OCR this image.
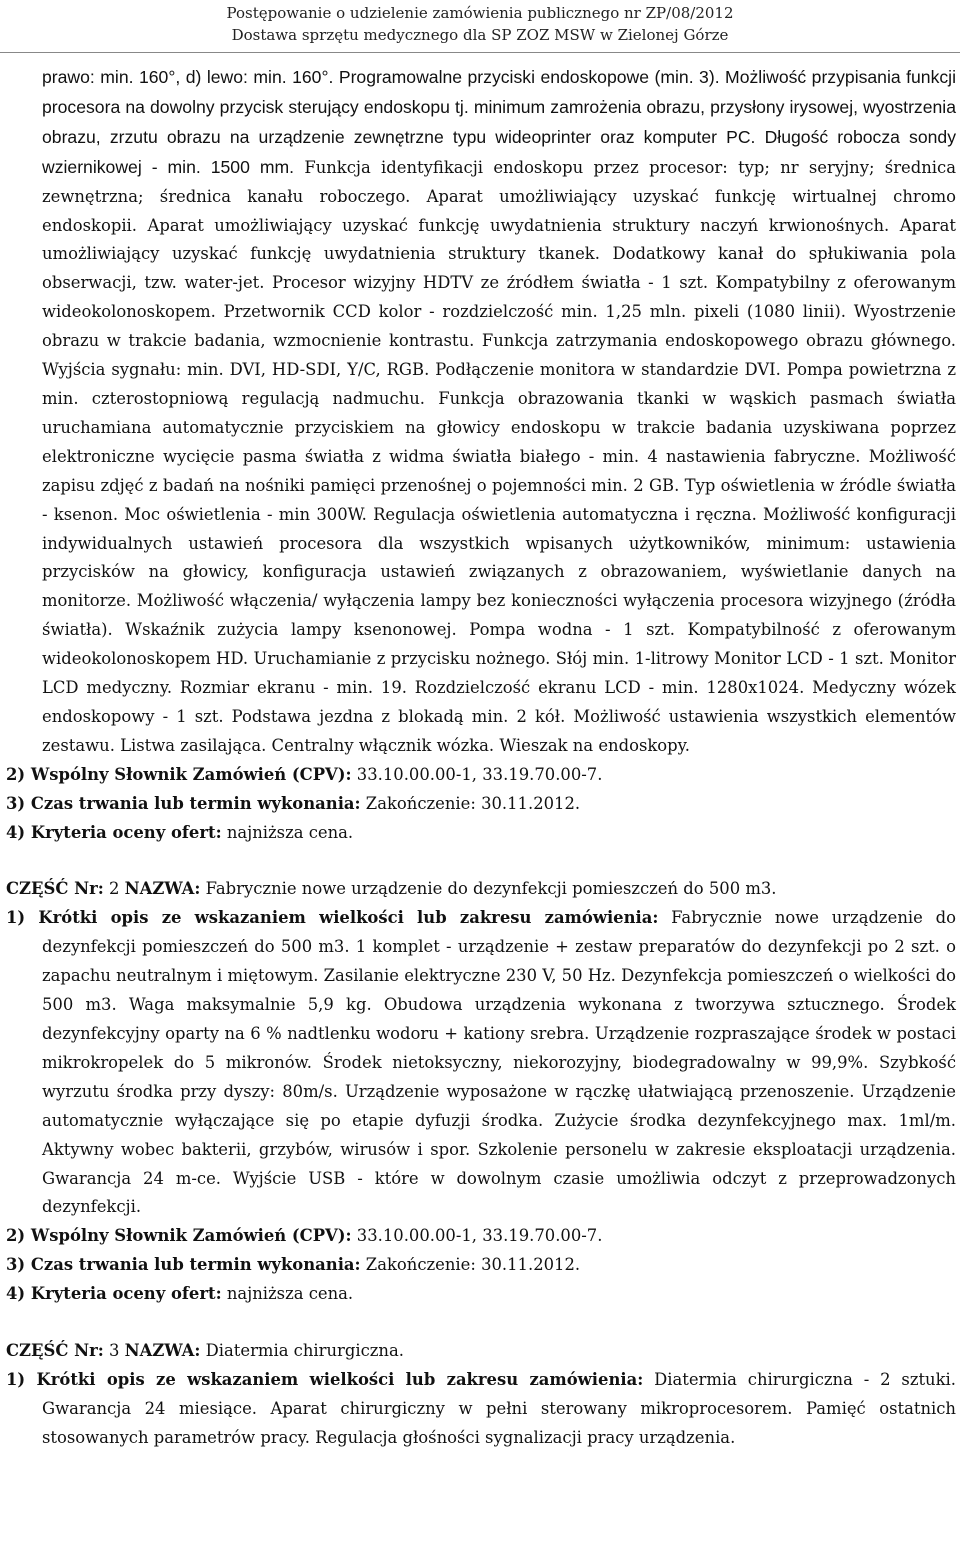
Postępowanie o udzielenie zamówienia publicznego nr ZP/08/2012
Dostawa sprzętu medycznego dla SP ZOZ MSW w Zielonej Górze

prawo: min. 160°, d) lewo: min. 160°. Programowalne przyciski endoskopowe (min. 3). Możliwość przypisania funkcji procesora na dowolny przycisk sterujący endoskopu tj. minimum zamrożenia obrazu, przysłony irysowej, wyostrzenia obrazu, zrzutu obrazu na urządzenie zewnętrzne typu wideoprinter oraz komputer PC. Długość robocza sondy wziernikowej - min. 1500 mm. Funkcja identyfikacji endoskopu przez procesor: typ; nr seryjny; średnica zewnętrzna; średnica kanału roboczego. Aparat umożliwiający uzyskać funkcję wirtualnej chromo endoskopii. Aparat umożliwiający uzyskać funkcję uwydatnienia struktury naczyń krwionośnych. Aparat umożliwiający uzyskać funkcję uwydatnienia struktury tkanek. Dodatkowy kanał do spłukiwania pola obserwacji, tzw. water-jet. Procesor wizyjny HDTV ze źródłem światła - 1 szt. Kompatybilny z oferowanym wideokolonoskopem. Przetwornik CCD kolor - rozdzielczość min. 1,25 mln. pixeli (1080 linii). Wyostrzenie obrazu w trakcie badania, wzmocnienie kontrastu. Funkcja zatrzymania endoskopowego obrazu głównego. Wyjścia sygnału: min. DVI, HD-SDI, Y/C, RGB. Podłączenie monitora w standardzie DVI. Pompa powietrzna z min. czterostopniową regulacją nadmuchu. Funkcja obrazowania tkanki w wąskich pasmach światła uruchamiana automatycznie przyciskiem na głowicy endoskopu w trakcie badania uzyskiwana poprzez elektroniczne wycięcie pasma światła z widma światła białego - min. 4 nastawienia fabryczne. Możliwość zapisu zdjęć z badań na nośniki pamięci przenośnej o pojemności min. 2 GB. Typ oświetlenia w źródle światła - ksenon. Moc oświetlenia - min 300W. Regulacja oświetlenia automatyczna i ręczna. Możliwość konfiguracji indywidualnych ustawień procesora dla wszystkich wpisanych użytkowników, minimum: ustawienia przycisków na głowicy, konfiguracja ustawień związanych z obrazowaniem, wyświetlanie danych na monitorze. Możliwość włączenia/ wyłączenia lampy bez konieczności wyłączenia procesora wizyjnego (źródła światła). Wskaźnik zużycia lampy ksenonowej. Pompa wodna - 1 szt. Kompatybilność z oferowanym wideokolonoskopem HD. Uruchamianie z przycisku nożnego. Słój min. 1-litrowy Monitor LCD - 1 szt. Monitor LCD medyczny. Rozmiar ekranu - min. 19. Rozdzielczość ekranu LCD - min. 1280x1024. Medyczny wózek endoskopowy - 1 szt. Podstawa jezdna z blokadą min. 2 kół. Możliwość ustawienia wszystkich elementów zestawu. Listwa zasilająca. Centralny włącznik wózka. Wieszak na endoskopy.

2) Wspólny Słownik Zamówień (CPV): 33.10.00.00-1, 33.19.70.00-7.

3) Czas trwania lub termin wykonania: Zakończenie: 30.11.2012.

4) Kryteria oceny ofert: najniższa cena.

CZĘŚĆ Nr: 2 NAZWA: Fabrycznie nowe urządzenie do dezynfekcji pomieszczeń do 500 m3.

1) Krótki opis ze wskazaniem wielkości lub zakresu zamówienia: Fabrycznie nowe urządzenie do dezynfekcji pomieszczeń do 500 m3. 1 komplet - urządzenie + zestaw preparatów do dezynfekcji po 2 szt. o zapachu neutralnym i miętowym. Zasilanie elektryczne 230 V, 50 Hz. Dezynfekcja pomieszczeń o wielkości do 500 m3. Waga maksymalnie 5,9 kg. Obudowa urządzenia wykonana z tworzywa sztucznego. Środek dezynfekcyjny oparty na 6 % nadtlenku wodoru + kationy srebra. Urządzenie rozpraszające środek w postaci mikrokropelek do 5 mikronów. Środek nietoksyczny, niekorozyjny, biodegradowalny w 99,9%. Szybkość wyrzutu środka przy dyszy: 80m/s. Urządzenie wyposażone w rączkę ułatwiającą przenoszenie. Urządzenie automatycznie wyłączające się po etapie dyfuzji środka. Zużycie środka dezynfekcyjnego max. 1ml/m. Aktywny wobec bakterii, grzybów, wirusów i spor. Szkolenie personelu w zakresie eksploatacji urządzenia. Gwarancja 24 m-ce. Wyjście USB - które w dowolnym czasie umożliwia odczyt z przeprowadzonych dezynfekcji.

2) Wspólny Słownik Zamówień (CPV): 33.10.00.00-1, 33.19.70.00-7.

3) Czas trwania lub termin wykonania: Zakończenie: 30.11.2012.

4) Kryteria oceny ofert: najniższa cena.

CZĘŚĆ Nr: 3 NAZWA: Diatermia chirurgiczna.

1) Krótki opis ze wskazaniem wielkości lub zakresu zamówienia: Diatermia chirurgiczna - 2 sztuki. Gwarancja 24 miesiące. Aparat chirurgiczny w pełni sterowany mikroprocesorem. Pamięć ostatnich stosowanych parametrów pracy. Regulacja głośności sygnalizacji pracy urządzenia.
